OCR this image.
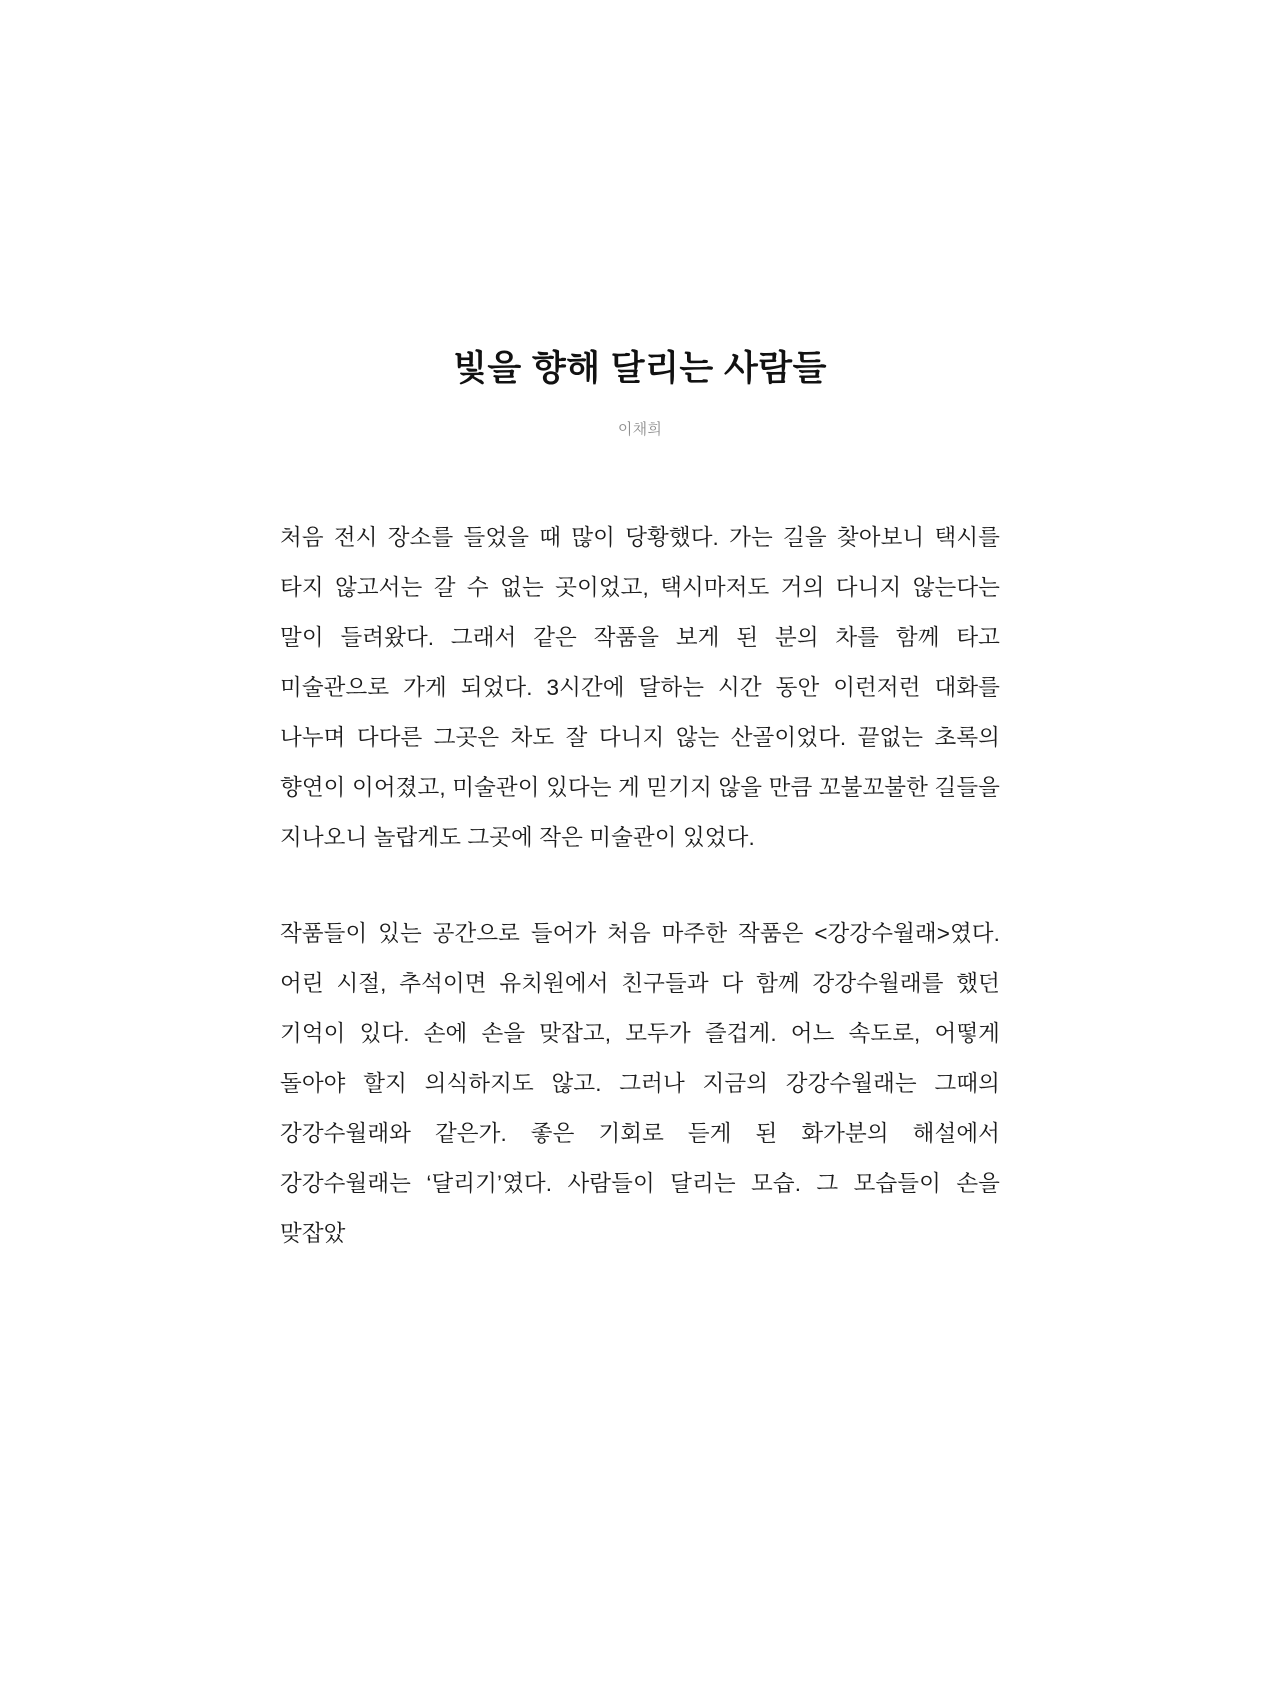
빛을 향해 달리는 사람들
이채희

처음 전시 장소를 들었을 때 많이 당황했다. 가는 길을 찾아보니 택시를 타지 않고서는 갈 수 없는 곳이었고, 택시마저도 거의 다니지 않는다는 말이 들려왔다. 그래서 같은 작품을 보게 된 분의 차를 함께 타고 미술관으로 가게 되었다. 3시간에 달하는 시간 동안 이런저런 대화를 나누며 다다른 그곳은 차도 잘 다니지 않는 산골이었다. 끝없는 초록의 향연이 이어졌고, 미술관이 있다는 게 믿기지 않을 만큼 꼬불꼬불한 길들을 지나오니 놀랍게도 그곳에 작은 미술관이 있었다.

작품들이 있는 공간으로 들어가 처음 마주한 작품은 <강강수월래>였다. 어린 시절, 추석이면 유치원에서 친구들과 다 함께 강강수월래를 했던 기억이 있다. 손에 손을 맞잡고, 모두가 즐겁게. 어느 속도로, 어떻게 돌아야 할지 의식하지도 않고. 그러나 지금의 강강수월래는 그때의 강강수월래와 같은가. 좋은 기회로 듣게 된 화가분의 해설에서 강강수월래는 ‘달리기’였다. 사람들이 달리는 모습. 그 모습들이 손을 맞잡았
